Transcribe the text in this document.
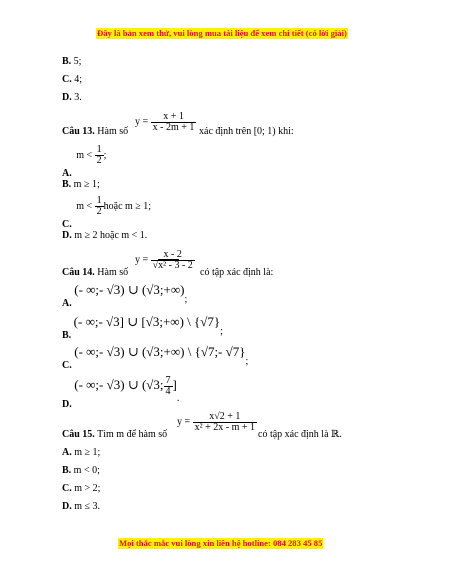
Đây là bản xem thử, vui lòng mua tài liệu để xem chi tiết (có lời giải)
B. 5;
C. 4;
D. 3.
Câu 13. Hàm số
$y = \frac{x + 1}{x - 2m + 1}$ xác định trên [0; 1) khi:
A. $m < \frac{1}{2}$ ;
B. m ≥ 1;
C. $m < \frac{1}{2}$ hoặc m ≥ 1;
D. m ≥ 2 hoặc m < 1.
Câu 14. Hàm số
$y = \frac{x - 2}{\text{√x² - 3 - 2}}$
có tập xác định là:
A. (- ∞;- √3) ∪ (√3;+∞);
B. (- ∞;- √3] ∪ [√3;+∞) \ {√7};
C. (- ∞;- √3) ∪ (√3;+∞) \ {√7;- √7};
D. (- ∞;- √3) ∪ (√3; $\frac{7}{4}$ ].
Câu 15. Tìm m để hàm số
$y = \frac{x√2 + 1}{\text{x² + 2x - m + 1}}$
có tập xác định là ℝ.
A. m ≥ 1;
B. m < 0;
C. m > 2;
D. m ≤ 3.
Mọi thắc mắc vui lòng xin liên hệ hotline: 084 283 45 85
